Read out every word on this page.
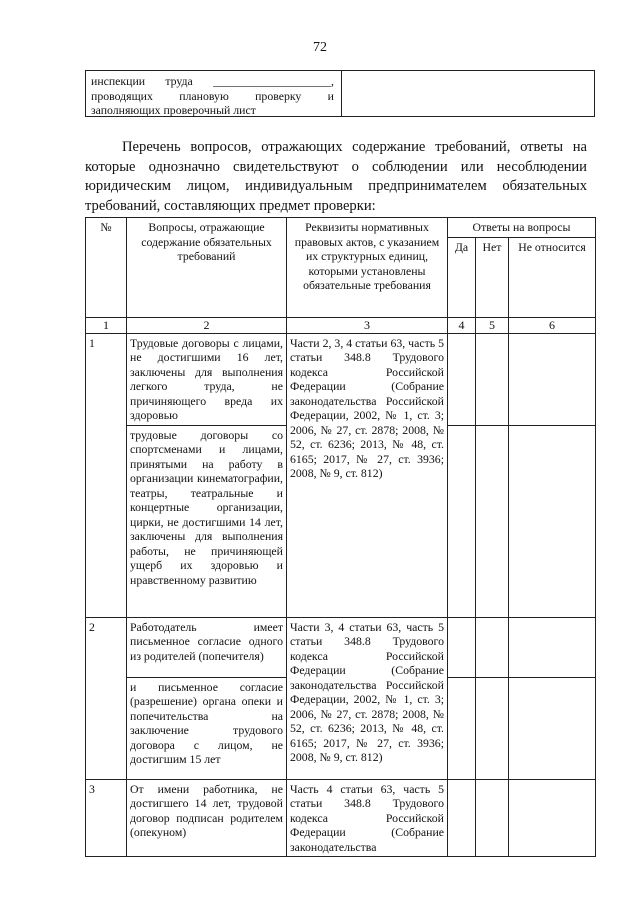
72
инспекции труда ____________________, проводящих плановую проверку и заполняющих проверочный лист
Перечень вопросов, отражающих содержание требований, ответы на которые однозначно свидетельствуют о соблюдении или несоблюдении юридическим лицом, индивидуальным предпринимателем обязательных требований, составляющих предмет проверки:
№	Вопросы, отражающие содержание обязательных требований	Реквизиты нормативных правовых актов, с указанием их структурных единиц, которыми установлены обязательные требования	Ответы на вопросы		
			Да	Нет	Не относится
1	2	3	4	5	6
1	Трудовые договоры с лицами, не достигшими 16 лет, заключены для выполнения легкого труда, не причиняющего вреда их здоровью	Части 2, 3, 4 статьи 63, часть 5 статьи 348.8 Трудового кодекса Российской Федерации (Собрание законодательства Российской Федерации, 2002, № 1, ст. 3; 2006, № 27, ст. 2878; 2008, № 52, ст. 6236; 2013, № 48, ст. 6165; 2017, № 27, ст. 3936; 2008, № 9, ст. 812)			
	трудовые договоры со спортсменами и лицами, принятыми на работу в организации кинематографии, театры, театральные и концертные организации, цирки, не достигшими 14 лет, заключены для выполнения работы, не причиняющей ущерб их здоровью и нравственному развитию				
2	Работодатель имеет письменное согласие одного из родителей (попечителя)	Части 3, 4 статьи 63, часть 5 статьи 348.8 Трудового кодекса Российской Федерации (Собрание законодательства Российской Федерации, 2002, № 1, ст. 3; 2006, № 27, ст. 2878; 2008, № 52, ст. 6236; 2013, № 48, ст. 6165; 2017, № 27, ст. 3936; 2008, № 9, ст. 812)			
	и письменное согласие (разрешение) органа опеки и попечительства на заключение трудового договора с лицом, не достигшим 15 лет				
3	От имени работника, не достигшего 14 лет, трудовой договор подписан родителем (опекуном)	Часть 4 статьи 63, часть 5 статьи 348.8 Трудового кодекса Российской Федерации (Собрание законодательства			
